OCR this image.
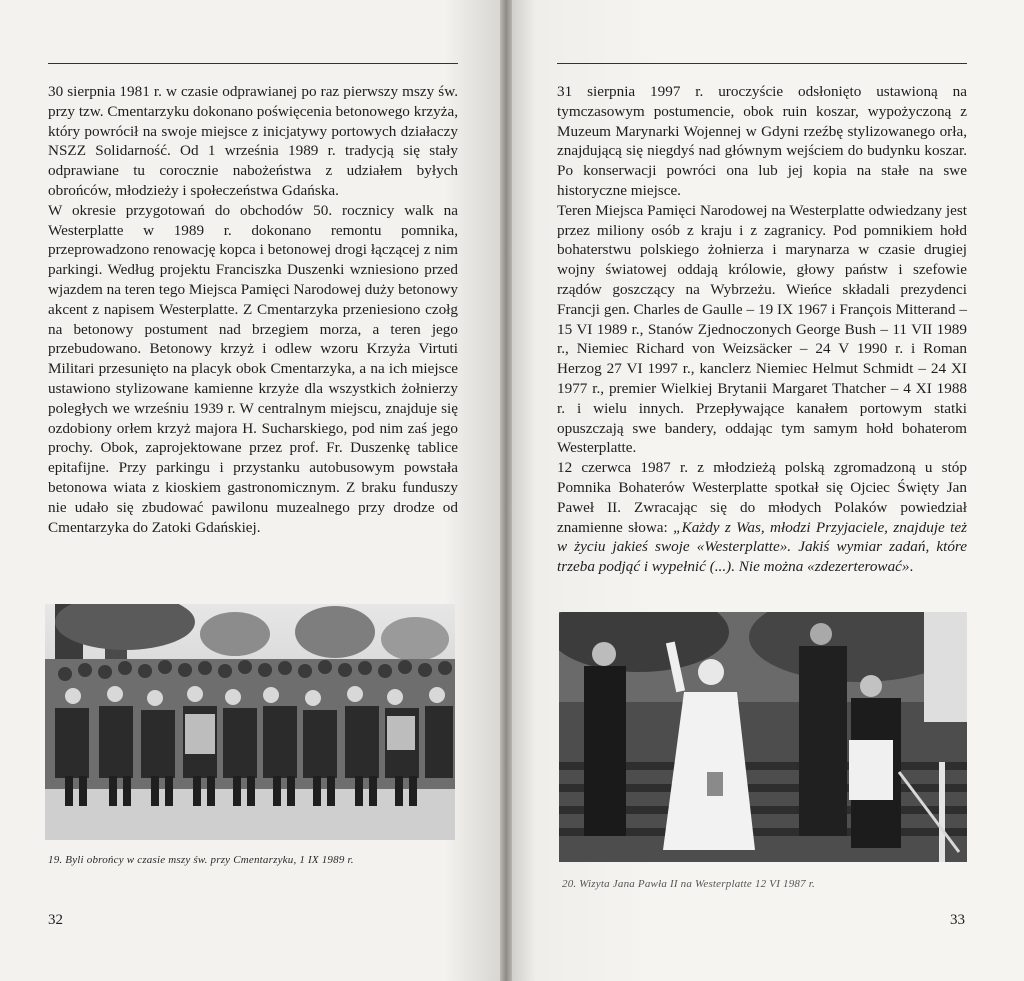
30 sierpnia 1981 r. w czasie odprawianej po raz pierwszy mszy św. przy tzw. Cmentarzyku dokonano poświęcenia betonowego krzyża, który powrócił na swoje miejsce z inicjatywy portowych działaczy NSZZ Solidarność. Od 1 września 1989 r. tradycją się stały odprawiane tu corocznie nabożeństwa z udziałem byłych obrońców, młodzieży i społeczeństwa Gdańska.

W okresie przygotowań do obchodów 50. rocznicy walk na Westerplatte w 1989 r. dokonano remontu pomnika, przeprowadzono renowację kopca i betonowej drogi łączącej z nim parkingi. Według projektu Franciszka Duszenki wzniesiono przed wjazdem na teren tego Miejsca Pamięci Narodowej duży betonowy akcent z napisem Westerplatte. Z Cmentarzyka przeniesiono czołg na betonowy postument nad brzegiem morza, a teren jego przebudowano. Betonowy krzyż i odlew wzoru Krzyża Virtuti Militari przesunięto na placyk obok Cmentarzyka, a na ich miejsce ustawiono stylizowane kamienne krzyże dla wszystkich żołnierzy poległych we wrześniu 1939 r. W centralnym miejscu, znajduje się ozdobiony orłem krzyż majora H. Sucharskiego, pod nim zaś jego prochy. Obok, zaprojektowane przez prof. Fr. Duszenkę tablice epitafijne. Przy parkingu i przystanku autobusowym powstała betonowa wiata z kioskiem gastronomicznym. Z braku funduszy nie udało się zbudować pawilonu muzealnego przy drodze od Cmentarzyka do Zatoki Gdańskiej.

19. Byli obrońcy w czasie mszy św. przy Cmentarzyku, 1 IX 1989 r.
32

31 sierpnia 1997 r. uroczyście odsłonięto ustawioną na tymczasowym postumencie, obok ruin koszar, wypożyczoną z Muzeum Marynarki Wojennej w Gdyni rzeźbę stylizowanego orła, znajdującą się niegdyś nad głównym wejściem do budynku koszar. Po konserwacji powróci ona lub jej kopia na stałe na swe historyczne miejsce.

Teren Miejsca Pamięci Narodowej na Westerplatte odwiedzany jest przez miliony osób z kraju i z zagranicy. Pod pomnikiem hołd bohaterstwu polskiego żołnierza i marynarza w czasie drugiej wojny światowej oddają królowie, głowy państw i szefowie rządów goszczący na Wybrzeżu. Wieńce składali prezydenci Francji gen. Charles de Gaulle – 19 IX 1967 i François Mitterand – 15 VI 1989 r., Stanów Zjednoczonych George Bush – 11 VII 1989 r., Niemiec Richard von Weizsäcker – 24 V 1990 r. i Roman Herzog 27 VI 1997 r., kanclerz Niemiec Helmut Schmidt – 24 XI 1977 r., premier Wielkiej Brytanii Margaret Thatcher – 4 XI 1988 r. i wielu innych. Przepływające kanałem portowym statki opuszczają swe bandery, oddając tym samym hołd bohaterom Westerplatte.

12 czerwca 1987 r. z młodzieżą polską zgromadzoną u stóp Pomnika Bohaterów Westerplatte spotkał się Ojciec Święty Jan Paweł II. Zwracając się do młodych Polaków powiedział znamienne słowa: „Każdy z Was, młodzi Przyjaciele, znajduje też w życiu jakieś swoje «Westerplatte». Jakiś wymiar zadań, które trzeba podjąć i wypełnić (...). Nie można «zdezerterować».

20. Wizyta Jana Pawła II na Westerplatte 12 VI 1987 r.
33
